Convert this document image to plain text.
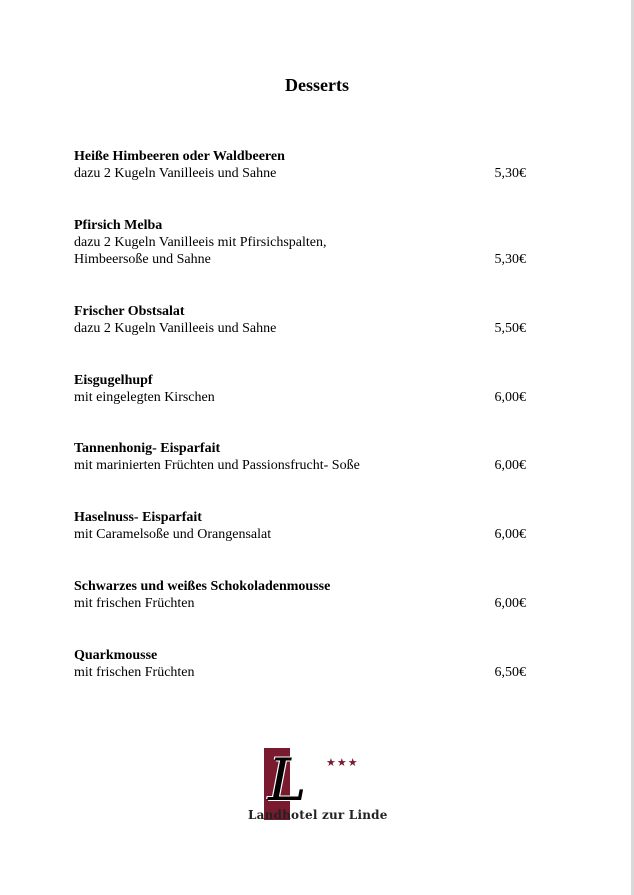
Desserts
Heiße Himbeeren oder Waldbeeren
dazu 2 Kugeln Vanilleeis und Sahne	5,30€
Pfirsich Melba
dazu 2 Kugeln Vanilleeis mit Pfirsichspalten,
Himbeersoße und Sahne	5,30€
Frischer Obstsalat
dazu 2 Kugeln Vanilleeis und Sahne	5,50€
Eisgugelhupf
mit eingelegten Kirschen	6,00€
Tannenhonig- Eisparfait
mit marinierten Früchten und Passionsfrucht- Soße	6,00€
Haselnuss- Eisparfait
mit Caramelsoße und Orangensalat	6,00€
Schwarzes und weißes Schokoladenmousse
mit frischen Früchten	6,00€
Quarkmousse
mit frischen Früchten	6,50€
L ★★★
Landhotel zur Linde
